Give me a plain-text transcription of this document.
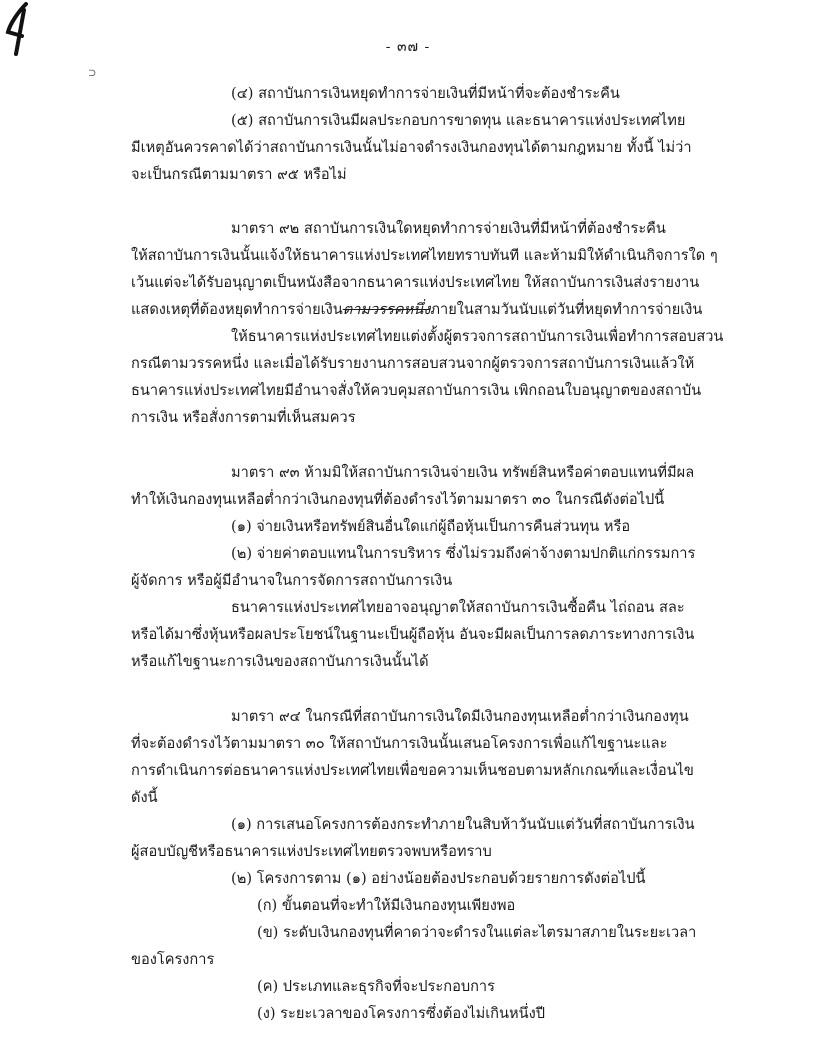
⊃
- ๓๗ -
(๔) สถาบันการเงินหยุดทำการจ่ายเงินที่มีหน้าที่จะต้องชำระคืน
(๕) สถาบันการเงินมีผลประกอบการขาดทุน และธนาคารแห่งประเทศไทย
มีเหตุอันควรคาดได้ว่าสถาบันการเงินนั้นไม่อาจดำรงเงินกองทุนได้ตามกฎหมาย ทั้งนี้ ไม่ว่า
จะเป็นกรณีตามมาตรา ๙๕ หรือไม่
มาตรา ๙๒ สถาบันการเงินใดหยุดทำการจ่ายเงินที่มีหน้าที่ต้องชำระคืน
ให้สถาบันการเงินนั้นแจ้งให้ธนาคารแห่งประเทศไทยทราบทันที และห้ามมิให้ดำเนินกิจการใด ๆ
เว้นแต่จะได้รับอนุญาตเป็นหนังสือจากธนาคารแห่งประเทศไทย ให้สถาบันการเงินส่งรายงาน
แสดงเหตุที่ต้องหยุดทำการจ่ายเงินตามวรรคหนึ่งภายในสามวันนับแต่วันที่หยุดทำการจ่ายเงิน
ให้ธนาคารแห่งประเทศไทยแต่งตั้งผู้ตรวจการสถาบันการเงินเพื่อทำการสอบสวน
กรณีตามวรรคหนึ่ง และเมื่อได้รับรายงานการสอบสวนจากผู้ตรวจการสถาบันการเงินแล้วให้
ธนาคารแห่งประเทศไทยมีอำนาจสั่งให้ควบคุมสถาบันการเงิน เพิกถอนใบอนุญาตของสถาบัน
การเงิน หรือสั่งการตามที่เห็นสมควร
มาตรา ๙๓ ห้ามมิให้สถาบันการเงินจ่ายเงิน ทรัพย์สินหรือค่าตอบแทนที่มีผล
ทำให้เงินกองทุนเหลือต่ำกว่าเงินกองทุนที่ต้องดำรงไว้ตามมาตรา ๓๐ ในกรณีดังต่อไปนี้
(๑) จ่ายเงินหรือทรัพย์สินอื่นใดแก่ผู้ถือหุ้นเป็นการคืนส่วนทุน หรือ
(๒) จ่ายค่าตอบแทนในการบริหาร ซึ่งไม่รวมถึงค่าจ้างตามปกติแก่กรรมการ
ผู้จัดการ หรือผู้มีอำนาจในการจัดการสถาบันการเงิน
ธนาคารแห่งประเทศไทยอาจอนุญาตให้สถาบันการเงินซื้อคืน ไถ่ถอน สละ
หรือได้มาซึ่งหุ้นหรือผลประโยชน์ในฐานะเป็นผู้ถือหุ้น อันจะมีผลเป็นการลดภาระทางการเงิน
หรือแก้ไขฐานะการเงินของสถาบันการเงินนั้นได้
มาตรา ๙๔ ในกรณีที่สถาบันการเงินใดมีเงินกองทุนเหลือต่ำกว่าเงินกองทุน
ที่จะต้องดำรงไว้ตามมาตรา ๓๐ ให้สถาบันการเงินนั้นเสนอโครงการเพื่อแก้ไขฐานะและ
การดำเนินการต่อธนาคารแห่งประเทศไทยเพื่อขอความเห็นชอบตามหลักเกณฑ์และเงื่อนไข
ดังนี้
(๑) การเสนอโครงการต้องกระทำภายในสิบห้าวันนับแต่วันที่สถาบันการเงิน
ผู้สอบบัญชีหรือธนาคารแห่งประเทศไทยตรวจพบหรือทราบ
(๒) โครงการตาม (๑) อย่างน้อยต้องประกอบด้วยรายการดังต่อไปนี้
(ก) ขั้นตอนที่จะทำให้มีเงินกองทุนเพียงพอ
(ข) ระดับเงินกองทุนที่คาดว่าจะดำรงในแต่ละไตรมาสภายในระยะเวลา
ของโครงการ
(ค) ประเภทและธุรกิจที่จะประกอบการ
(ง) ระยะเวลาของโครงการซึ่งต้องไม่เกินหนึ่งปี
